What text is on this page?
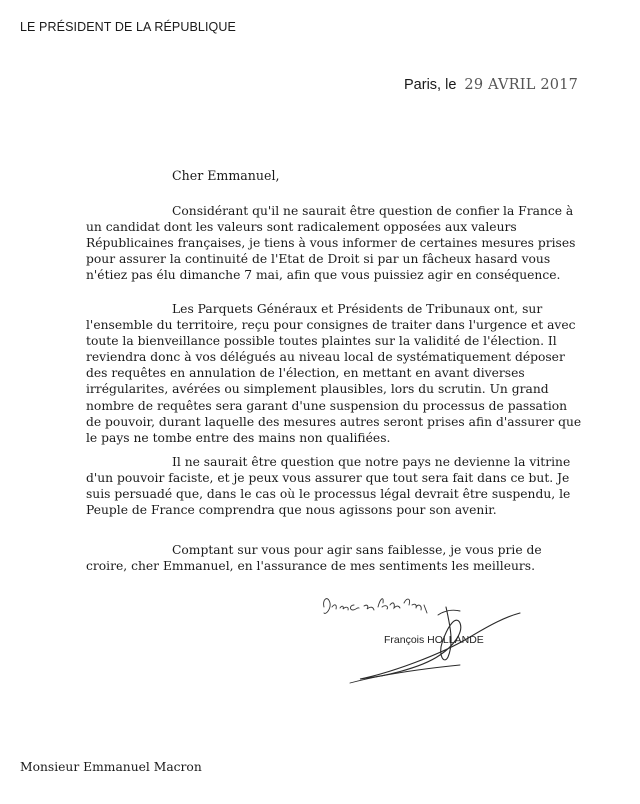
LE PRÉSIDENT DE LA RÉPUBLIQUE
Paris, le 29 AVRIL 2017
Cher Emmanuel,

Considérant qu'il ne saurait être question de confier la France à un candidat dont les valeurs sont radicalement opposées aux valeurs Républicaines françaises, je tiens à vous informer de certaines mesures prises pour assurer la continuité de l'Etat de Droit si par un fâcheux hasard vous n'étiez pas élu dimanche 7 mai, afin que vous puissiez agir en conséquence.

Les Parquets Généraux et Présidents de Tribunaux ont, sur l'ensemble du territoire, reçu pour consignes de traiter dans l'urgence et avec toute la bienveillance possible toutes plaintes sur la validité de l'élection. Il reviendra donc à vos délégués au niveau local de systématiquement déposer des requêtes en annulation de l'élection, en mettant en avant diverses irrégularites, avérées ou simplement plausibles, lors du scrutin. Un grand nombre de requêtes sera garant d'une suspension du processus de passation de pouvoir, durant laquelle des mesures autres seront prises afin d'assurer que le pays ne tombe entre des mains non qualifiées.

Il ne saurait être question que notre pays ne devienne la vitrine d'un pouvoir faciste, et je peux vous assurer que tout sera fait dans ce but. Je suis persuadé que, dans le cas où le processus légal devrait être suspendu, le Peuple de France comprendra que nous agissons pour son avenir.

Comptant sur vous pour agir sans faiblesse, je vous prie de croire, cher Emmanuel, en l'assurance de mes sentiments les meilleurs.

François HOLLANDE
Monsieur Emmanuel Macron
